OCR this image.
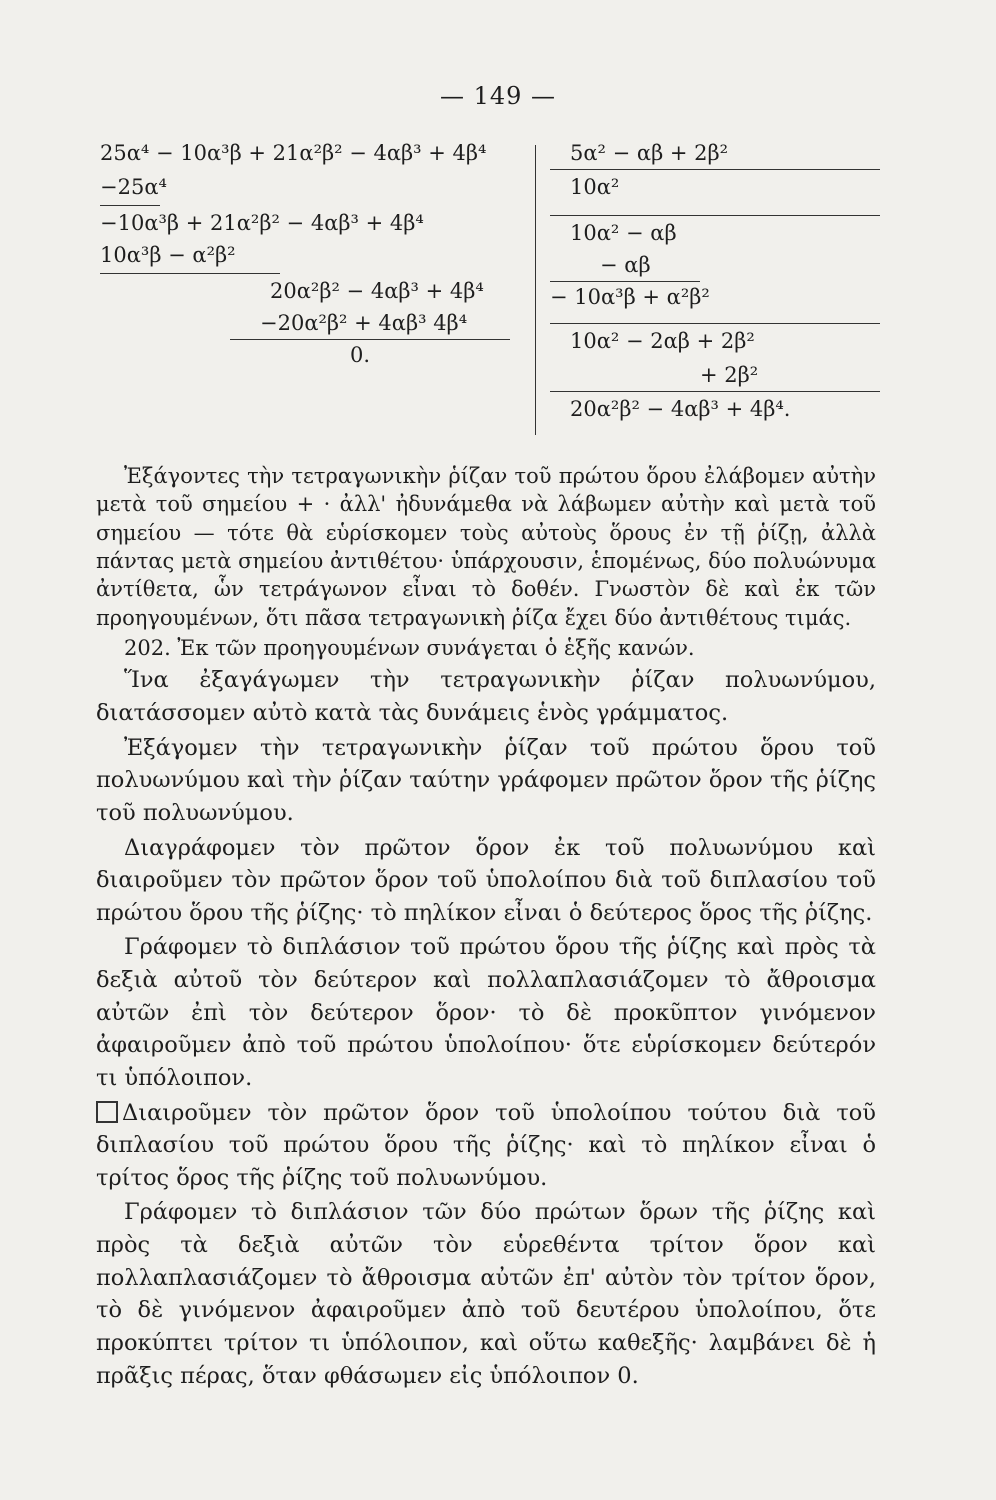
— 149 —
25α⁴ − 10α³β + 21α²β² − 4αβ³ + 4β⁴
−25α⁴
−10α³β + 21α²β² − 4αβ³ + 4β⁴
10α³β − α²β²
20α²β² − 4αβ³ + 4β⁴
−20α²β² + 4αβ³ 4β⁴
0.
5α² − αβ + 2β²
10α²
10α² − αβ
− αβ
− 10α³β + α²β²
10α² − 2αβ + 2β²
+ 2β²
20α²β² − 4αβ³ + 4β⁴.

Ἐξάγοντες τὴν τετραγωνικὴν ῥίζαν τοῦ πρώτου ὅρου ἐλάβομεν αὐτὴν μετὰ τοῦ σημείου + · ἀλλ' ἠδυνάμεθα νὰ λάβωμεν αὐτὴν καὶ μετὰ τοῦ σημείου — τότε θὰ εὑρίσκομεν τοὺς αὐτοὺς ὅρους ἐν τῇ ῥίζῃ, ἀλλὰ πάντας μετὰ σημείου ἀντιθέτου· ὑπάρχουσιν, ἑπομένως, δύο πολυώνυμα ἀντίθετα, ὧν τετράγωνον εἶναι τὸ δοθέν. Γνωστὸν δὲ καὶ ἐκ τῶν προηγουμένων, ὅτι πᾶσα τετραγωνικὴ ῥίζα ἔχει δύο ἀντιθέτους τιμάς.

202. Ἐκ τῶν προηγουμένων συνάγεται ὁ ἑξῆς κανών.

Ἵνα ἐξαγάγωμεν τὴν τετραγωνικὴν ῥίζαν πολυωνύμου, διατάσσομεν αὐτὸ κατὰ τὰς δυνάμεις ἑνὸς γράμματος.

Ἐξάγομεν τὴν τετραγωνικὴν ῥίζαν τοῦ πρώτου ὅρου τοῦ πολυωνύμου καὶ τὴν ῥίζαν ταύτην γράφομεν πρῶτον ὅρον τῆς ῥίζης τοῦ πολυωνύμου.

Διαγράφομεν τὸν πρῶτον ὅρον ἐκ τοῦ πολυωνύμου καὶ διαιροῦμεν τὸν πρῶτον ὅρον τοῦ ὑπολοίπου διὰ τοῦ διπλασίου τοῦ πρώτου ὅρου τῆς ῥίζης· τὸ πηλίκον εἶναι ὁ δεύτερος ὅρος τῆς ῥίζης.

Γράφομεν τὸ διπλάσιον τοῦ πρώτου ὅρου τῆς ῥίζης καὶ πρὸς τὰ δεξιὰ αὐτοῦ τὸν δεύτερον καὶ πολλαπλασιάζομεν τὸ ἄθροισμα αὐτῶν ἐπὶ τὸν δεύτερον ὅρον· τὸ δὲ προκῦπτον γινόμενον ἀφαιροῦμεν ἀπὸ τοῦ πρώτου ὑπολοίπου· ὅτε εὑρίσκομεν δεύτερόν τι ὑπόλοιπον.

Διαιροῦμεν τὸν πρῶτον ὅρον τοῦ ὑπολοίπου τούτου διὰ τοῦ διπλασίου τοῦ πρώτου ὅρου τῆς ῥίζης· καὶ τὸ πηλίκον εἶναι ὁ τρίτος ὅρος τῆς ῥίζης τοῦ πολυωνύμου.

Γράφομεν τὸ διπλάσιον τῶν δύο πρώτων ὅρων τῆς ῥίζης καὶ πρὸς τὰ δεξιὰ αὐτῶν τὸν εὑρεθέντα τρίτον ὅρον καὶ πολλαπλασιάζομεν τὸ ἄθροισμα αὐτῶν ἐπ' αὐτὸν τὸν τρίτον ὅρον, τὸ δὲ γινόμενον ἀφαιροῦμεν ἀπὸ τοῦ δευτέρου ὑπολοίπου, ὅτε προκύπτει τρίτον τι ὑπόλοιπον, καὶ οὕτω καθεξῆς· λαμβάνει δὲ ἡ πρᾶξις πέρας, ὅταν φθάσωμεν εἰς ὑπόλοιπον 0.
